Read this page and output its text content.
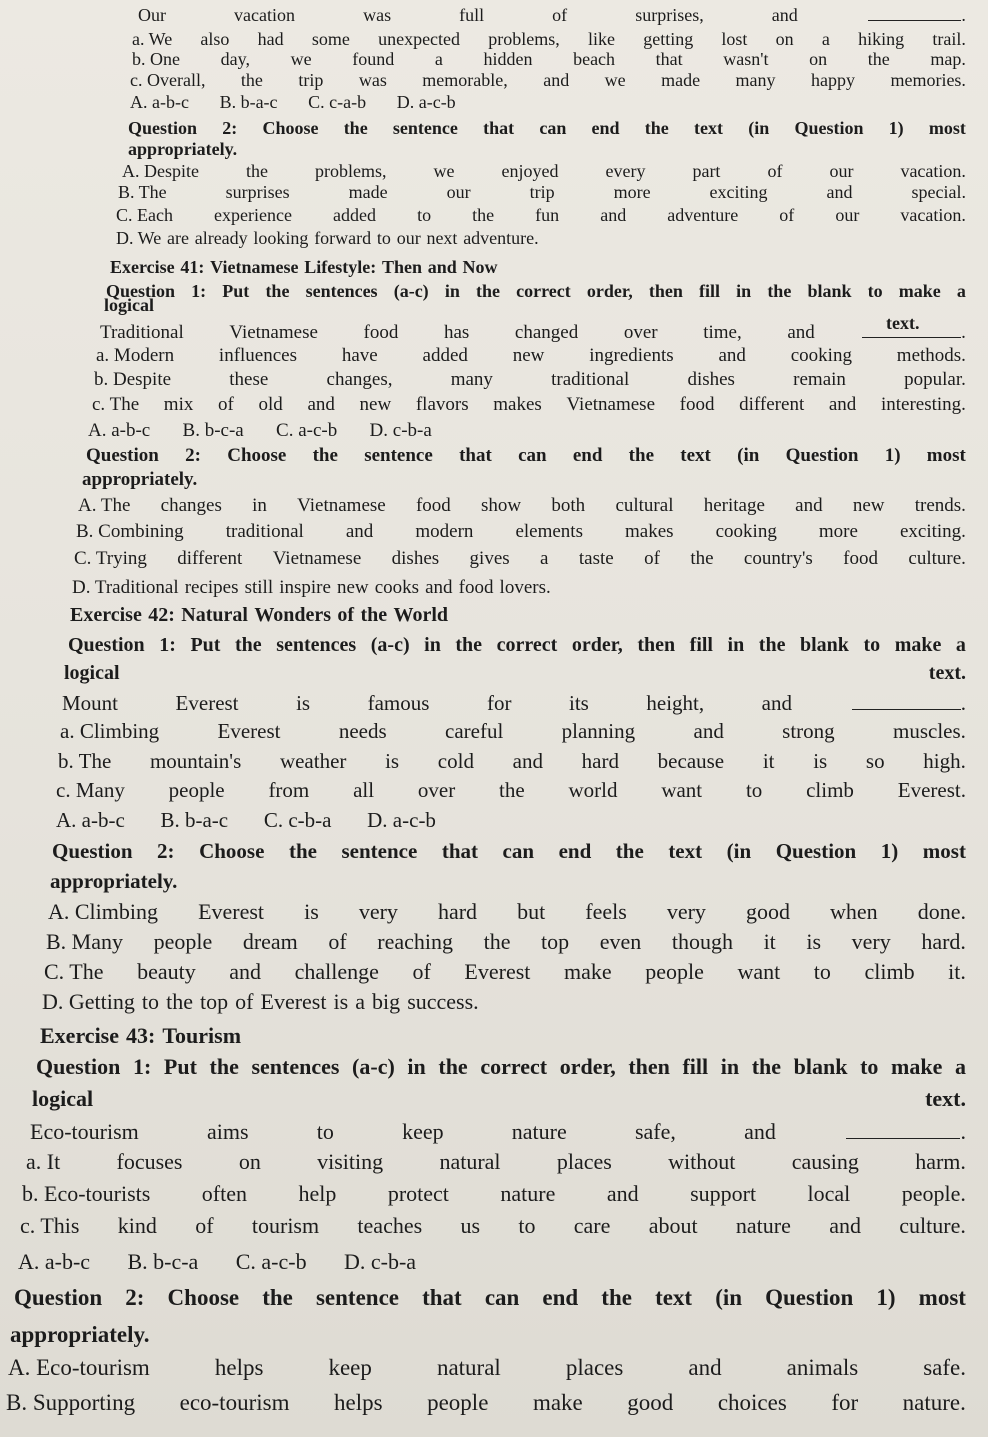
Our	vacation	was	full	of	surprises,	and	.
a. We also had some unexpected problems, like getting lost on a hiking trail.
b. One day, we found a hidden beach that wasn't on the map.
c. Overall, the trip was memorable, and we made many happy memories.
A. a-b-c B. b-a-c C. c-a-b D. a-c-b
Question 2: Choose the sentence that can end the text (in Question 1) most
appropriately.
A. Despite	the	problems,	we	enjoyed	every	part	of	our	vacation.
B. The	surprises	made	our	trip	more	exciting	and	special.
C. Each experience added to the fun and adventure of our vacation.
D. We are already looking forward to our next adventure.
Exercise 41: Vietnamese Lifestyle: Then and Now
Question 1: Put the sentences (a-c) in the correct order, then fill in the blank to make a
logical
text.
Traditional Vietnamese food has changed over time, and	.
a. Modern influences have added new ingredients and cooking methods.
b. Despite	these	changes,	many	traditional	dishes	remain	popular.
c. The mix of old and new flavors makes Vietnamese food different and interesting.
A. a-b-c B. b-c-a C. a-c-b D. c-b-a
Question 2: Choose the sentence that can end the text (in Question 1) most
appropriately.
A. The changes in Vietnamese food show both cultural heritage and new trends.
B. Combining traditional and modern elements makes cooking more exciting.
C. Trying different Vietnamese dishes gives a taste of the country's food culture.
D. Traditional recipes still inspire new cooks and food lovers.
Exercise 42: Natural Wonders of the World
Question 1: Put the sentences (a-c) in the correct order, then fill in the blank to make a
logical	text.
Mount	Everest	is	famous	for	its	height,	and	.
a. Climbing	Everest	needs	careful	planning	and	strong	muscles.
b. The mountain's weather is cold and hard because it is so high.
c. Many people from all over the world want to climb Everest.
A. a-b-c B. b-a-c C. c-b-a D. a-c-b
Question 2: Choose the sentence that can end the text (in Question 1) most
appropriately.
A. Climbing Everest is very hard but feels very good when done.
B. Many people dream of reaching the top even though it is very hard.
C. The beauty and challenge of Everest make people want to climb it.
D. Getting to the top of Everest is a big success.
Exercise 43: Tourism
Question 1: Put the sentences (a-c) in the correct order, then fill in the blank to make a
logical	text.
Eco-tourism	aims	to	keep	nature	safe,	and	.
a. It	focuses	on	visiting	natural	places	without	causing	harm.
b. Eco-tourists often help protect nature and support local people.
c. This kind of tourism teaches us to care about nature and culture.
A. a-b-c B. b-c-a C. a-c-b D. c-b-a
Question 2: Choose the sentence that can end the text (in Question 1) most
appropriately.
A. Eco-tourism	helps	keep	natural	places	and	animals	safe.
B. Supporting eco-tourism helps people make good choices for nature.
